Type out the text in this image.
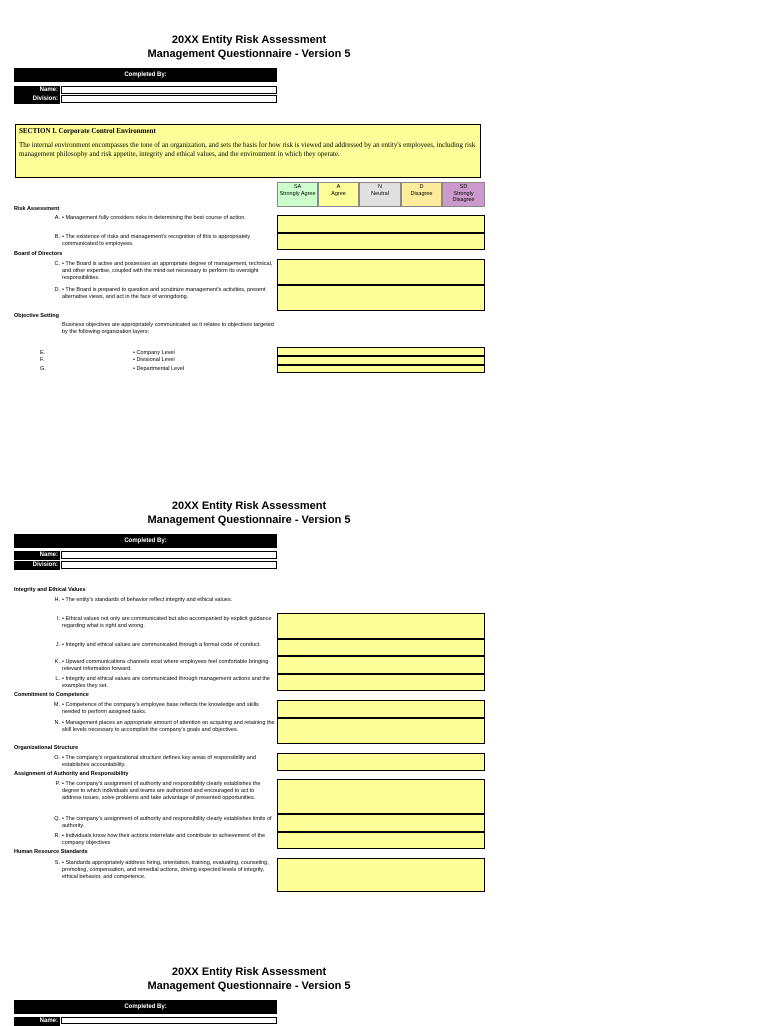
20XX Entity Risk Assessment
Management Questionnaire - Version 5
Completed By:
Name:
Division:
SECTION I. Corporate Control Environment
The internal environment encompasses the tone of an organization, and sets the basis for how risk is viewed and addressed by an entity's employees, including risk management philosophy and risk appetite, integrity and ethical values, and the environment in which they operate.
SA
Strongly Agree
A
Agree
N
Neutral
D
Disagree
SD
Strongly Disagree
Risk Assessment
A. • Management fully considers risks in determining the best course of action.
B. • The existence of risks and management's recognition of this is appropriately communicated to employees.
Board of Directors
C. • The Board is active and possesses an appropriate degree of management, technical, and other expertise, coupled with the mind-set necessary to perform its oversight responsibilities.
D. • The Board is prepared to question and scrutinize management's activities, present alternative views, and act in the face of wrongdoing.
Objective Setting
Business objectives are appropriately communicated as it relates to objectives targeted by the following organization layers:
E.	• Company Level
F.	• Divisional Level
G.	• Departmental Level
20XX Entity Risk Assessment
Management Questionnaire - Version 5
Completed By:
Name:
Division:
Integrity and Ethical Values
H. • The entity's standards of behavior reflect integrity and ethical values.
I. • Ethical values not only are communicated but also accompanied by explicit guidance regarding what is right and wrong.
J. • Integrity and ethical values are communicated through a formal code of conduct.
K. • Upward communications channels exist where employees feel comfortable bringing relevant information forward.
L. • Integrity and ethical values are communicated through management actions and the examples they set.
Commitment to Competence
M. • Competence of the company's employee base reflects the knowledge and skills needed to perform assigned tasks.
N. • Management places an appropriate amount of attention on acquiring and retaining the skill levels necessary to accomplish the company's goals and objectives.
Organizational Structure
O. • The company's organizational structure defines key areas of responsibility and establishes accountability.
Assignment of Authority and Responsibility
P. • The company's assignment of authority and responsibility clearly establishes the degree to which individuals and teams are authorized and encouraged to act to address issues, solve problems and take advantage of presented opportunities.
Q. • The company's assignment of authority and responsibility clearly establishes limits of authority.
R. • Individuals know how their actions interrelate and contribute to achievement of the company objectives
Human Resource Standards
S. • Standards appropriately address hiring, orientation, training, evaluating, counseling, promoting, compensation, and remedial actions, driving expected levels of integrity, ethical behavior, and competence.
20XX Entity Risk Assessment
Management Questionnaire - Version 5
Completed By:
Name:
